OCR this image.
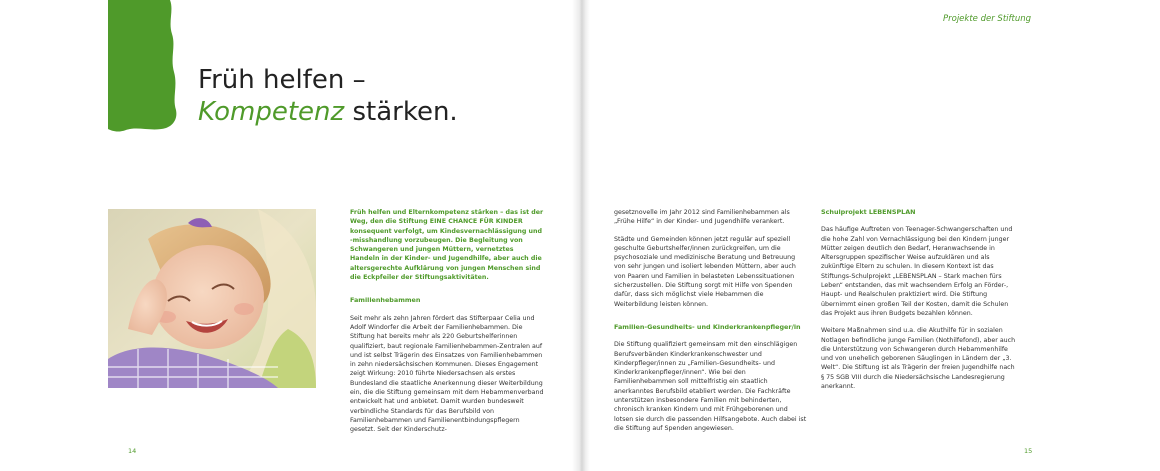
Früh helfen –
Kompetenz stärken.

Früh helfen und Elternkompetenz stärken – das ist der Weg, den die Stiftung EINE CHANCE FÜR KINDER konsequent verfolgt, um Kindesvernachlässigung und -misshandlung vorzubeugen. Die Begleitung von Schwangeren und jungen Müttern, vernetztes Handeln in der Kinder- und Jugendhilfe, aber auch die altersgerechte Aufklärung von jungen Menschen sind die Eckpfeiler der Stiftungsaktivitäten.

Familienhebammen

Seit mehr als zehn Jahren fördert das Stifterpaar Celia und Adolf Windorfer die Arbeit der Familienhebammen. Die Stiftung hat bereits mehr als 220 Geburtshelferinnen qualifiziert, baut regionale Familienhebammen-Zentralen auf und ist selbst Trägerin des Einsatzes von Familienhebammen in zehn niedersächsischen Kommunen. Dieses Engagement zeigt Wirkung: 2010 führte Niedersachsen als erstes Bundesland die staatliche Anerkennung dieser Weiterbildung ein, die die Stiftung gemeinsam mit dem Hebammenverband entwickelt hat und anbietet. Damit wurden bundesweit verbindliche Standards für das Berufsbild von Familienhebammen und Familienentbindungspflegern gesetzt. Seit der Kinderschutz-

14
Projekte der Stiftung

gesetznovelle im Jahr 2012 sind Familienhebammen als „Frühe Hilfe“ in der Kinder- und Jugendhilfe verankert.

Städte und Gemeinden können jetzt regulär auf speziell geschulte Geburtshelfer/innen zurückgreifen, um die psychosoziale und medizinische Beratung und Betreuung von sehr jungen und isoliert lebenden Müttern, aber auch von Paaren und Familien in belasteten Lebenssituationen sicherzustellen. Die Stiftung sorgt mit Hilfe von Spenden dafür, dass sich möglichst viele Hebammen die Weiterbildung leisten können.

Familien-Gesundheits- und Kinderkrankenpfleger/in

Die Stiftung qualifiziert gemeinsam mit den einschlägigen Berufsverbänden Kinderkrankenschwester und Kinderpfleger/innen zu „Familien-Gesundheits- und Kinderkrankenpfleger/innen“. Wie bei den Familienhebammen soll mittelfristig ein staatlich anerkanntes Berufsbild etabliert werden. Die Fachkräfte unterstützen insbesondere Familien mit behinderten, chronisch kranken Kindern und mit Frühgeborenen und lotsen sie durch die passenden Hilfsangebote. Auch dabei ist die Stiftung auf Spenden angewiesen.

Schulprojekt LEBENSPLAN

Das häufige Auftreten von Teenager-Schwangerschaften und die hohe Zahl von Vernachlässigung bei den Kindern junger Mütter zeigen deutlich den Bedarf, Heranwachsende in Altersgruppen spezifischer Weise aufzuklären und als zukünftige Eltern zu schulen. In diesem Kontext ist das Stiftungs-Schulprojekt „LEBENSPLAN – Stark machen fürs Leben“ entstanden, das mit wachsendem Erfolg an Förder-, Haupt- und Realschulen praktiziert wird. Die Stiftung übernimmt einen großen Teil der Kosten, damit die Schulen das Projekt aus ihren Budgets bezahlen können.

Weitere Maßnahmen sind u.a. die Akuthilfe für in sozialen Notlagen befindliche junge Familien (Nothilfefond), aber auch die Unterstützung von Schwangeren durch Hebammenhilfe und von unehelich geborenen Säuglingen in Ländern der „3. Welt“. Die Stiftung ist als Trägerin der freien Jugendhilfe nach § 75 SGB VIII durch die Niedersächsische Landesregierung anerkannt.

15
